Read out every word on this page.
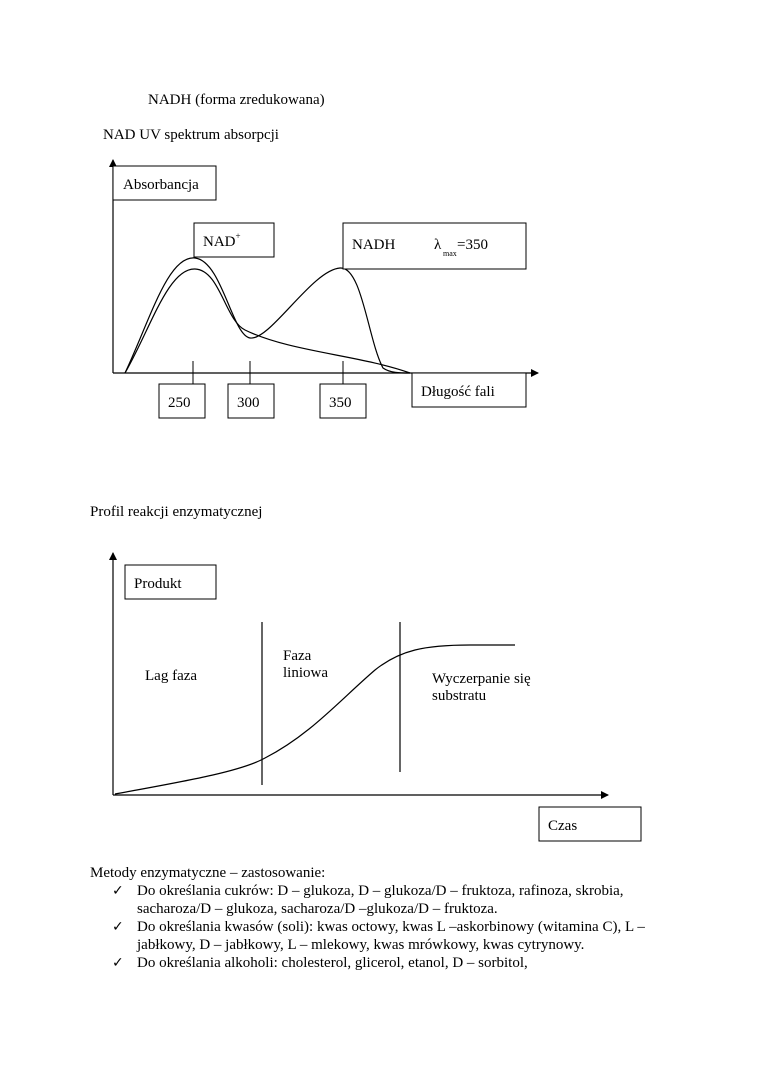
NADH (forma zredukowana)
NAD UV spektrum absorpcji
Absorbancja
NAD+
NADH	λ
max
=350
250	300	350
Długość fali
Produkt
Lag faza
Faza
liniowa	Wyczerpanie się
substratu
Czas
Profil reakcji enzymatycznej

Metody enzymatyczne – zastosowanie:

✓ Do określania cukrów: D – glukoza, D – glukoza/D – fruktoza, rafinoza, skrobia, sacharoza/D – glukoza, sacharoza/D –glukoza/D – fruktoza.
✓ Do określania kwasów (soli): kwas octowy, kwas L –askorbinowy (witamina C), L – jabłkowy, D – jabłkowy, L – mlekowy, kwas mrówkowy, kwas cytrynowy.
✓ Do określania alkoholi: cholesterol, glicerol, etanol, D – sorbitol,
